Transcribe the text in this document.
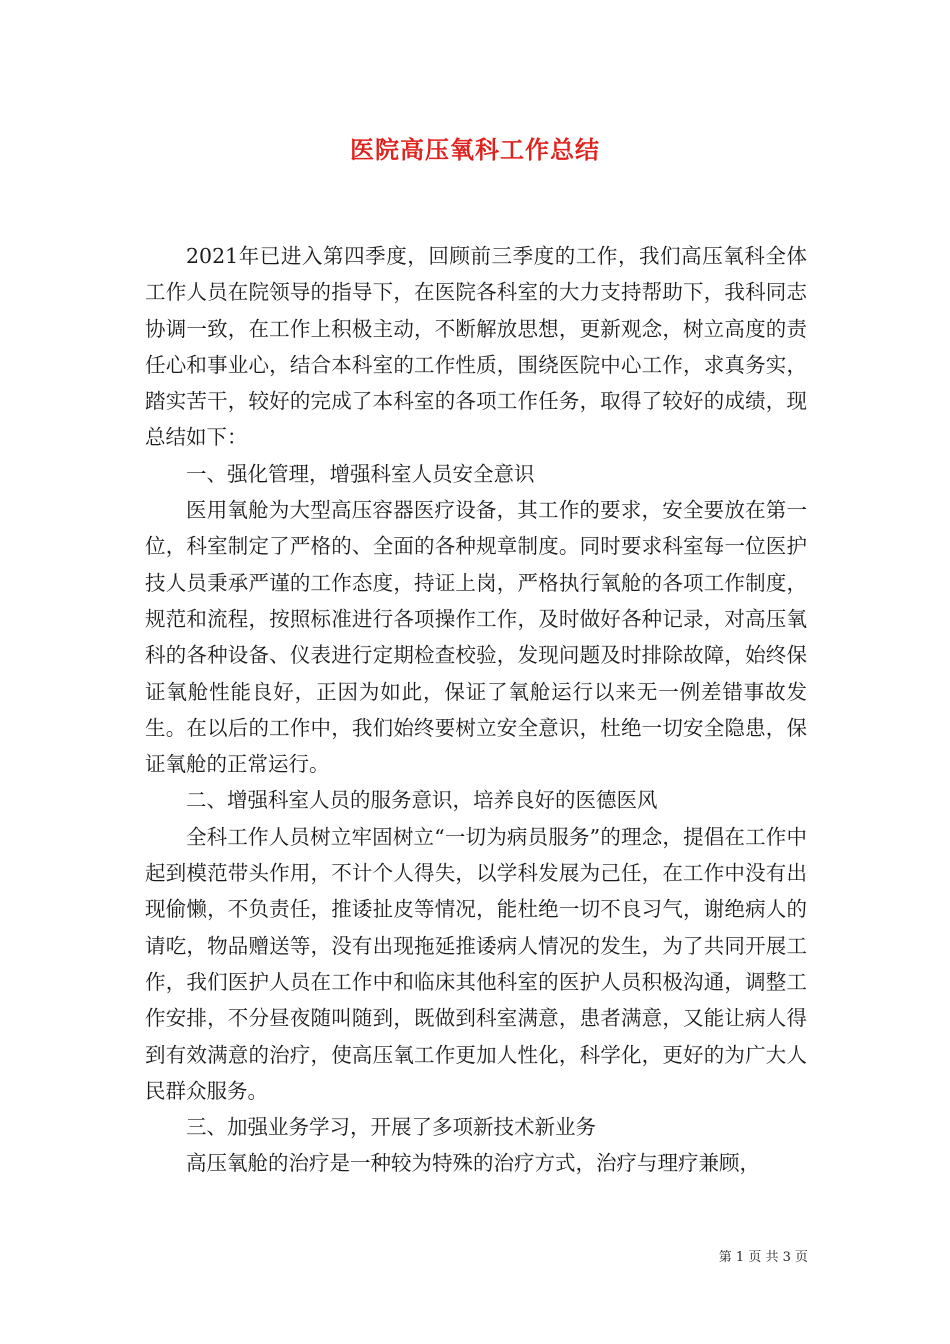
医院高压氧科工作总结

2021年已进入第四季度，回顾前三季度的工作，我们高压氧科全体工作人员在院领导的指导下，在医院各科室的大力支持帮助下，我科同志协调一致，在工作上积极主动，不断解放思想，更新观念，树立高度的责任心和事业心，结合本科室的工作性质，围绕医院中心工作，求真务实，踏实苦干，较好的完成了本科室的各项工作任务，取得了较好的成绩，现总结如下：

一、强化管理，增强科室人员安全意识

医用氧舱为大型高压容器医疗设备，其工作的要求，安全要放在第一位，科室制定了严格的、全面的各种规章制度。同时要求科室每一位医护技人员秉承严谨的工作态度，持证上岗，严格执行氧舱的各项工作制度，规范和流程，按照标准进行各项操作工作，及时做好各种记录，对高压氧科的各种设备、仪表进行定期检查校验，发现问题及时排除故障，始终保证氧舱性能良好，正因为如此，保证了氧舱运行以来无一例差错事故发生。在以后的工作中，我们始终要树立安全意识，杜绝一切安全隐患，保证氧舱的正常运行。

二、增强科室人员的服务意识，培养良好的医德医风

全科工作人员树立牢固树立“一切为病员服务”的理念，提倡在工作中起到模范带头作用，不计个人得失，以学科发展为己任，在工作中没有出现偷懒，不负责任，推诿扯皮等情况，能杜绝一切不良习气，谢绝病人的请吃，物品赠送等，没有出现拖延推诿病人情况的发生，为了共同开展工作，我们医护人员在工作中和临床其他科室的医护人员积极沟通，调整工作安排，不分昼夜随叫随到，既做到科室满意，患者满意，又能让病人得到有效满意的治疗，使高压氧工作更加人性化，科学化，更好的为广大人民群众服务。

三、加强业务学习，开展了多项新技术新业务

高压氧舱的治疗是一种较为特殊的治疗方式，治疗与理疗兼顾，

第 1 页 共 3 页
